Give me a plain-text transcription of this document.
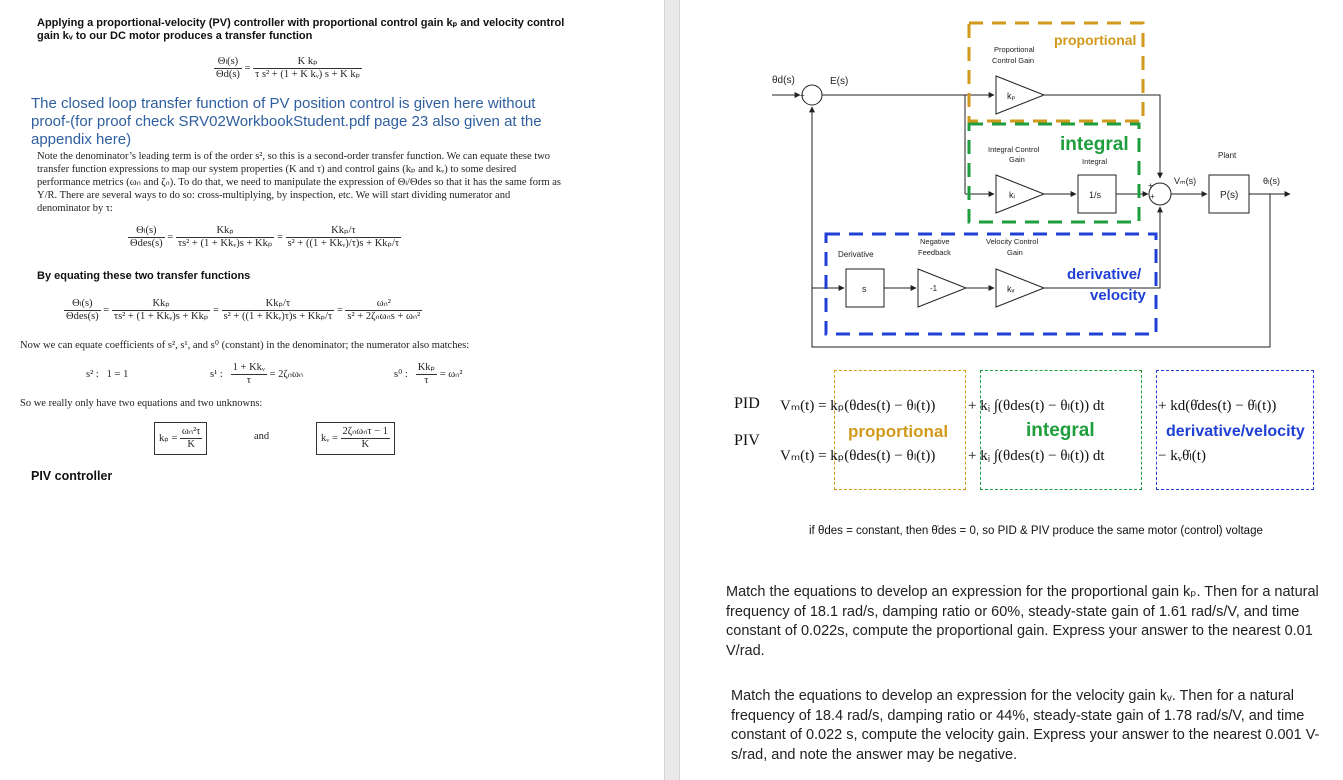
Applying a proportional-velocity (PV) controller with proportional control gain kₚ and velocity control gain kᵥ to our DC motor produces a transfer function
$\frac{\text{Θₗ(s)}}{\Theta d(s)} = \frac{\text{K kₚ}}{\text{τ s² + (1 + K kᵥ) s + K kₚ}}$
The closed loop transfer function of PV position control is given here without proof-(for proof check SRV02WorkbookStudent.pdf page 23 also given at the appendix here)
Note the denominator’s leading term is of the order s², so this is a second-order transfer function. We can equate these two transfer function expressions to map our system properties (K and τ) and control gains (kₚ and kᵥ) to some desired performance metrics (ωₙ and ζₙ). To do that, we need to manipulate the expression of Θₗ/Θdes so that it has the same form as Y/R. There are several ways to do so: cross-multiplying, by inspection, etc. We will start dividing numerator and denominator by τ:
$\frac{\text{Θₗ(s)}}{\text{Θdes(s)}} = \frac{\text{Kkₚ}}{\text{τs² + (1 + Kkᵥ)s + Kkₚ}} = \frac{\text{Kkₚ/τ}}{\text{s² + ((1 + Kkᵥ)/τ)s + Kkₚ/τ}}$
By equating these two transfer functions
$\frac{\text{Θₗ(s)}}{\text{Θdes(s)}} = \frac{\text{Kkₚ}}{\text{τs² + (1 + Kkᵥ)s + Kkₚ}} = \frac{\text{Kkₚ/τ}}{\text{s² + ((1 + Kkᵥ)τ)s + Kkₚ/τ}} = \frac{\text{ωₙ²}}{\text{s² + 2ζₙωₙs + ωₙ²}}$
Now we can equate coefficients of s², s¹, and s⁰ (constant) in the denominator; the numerator also matches:
s² :   1 = 1	s¹ : $\frac{\text{1 + Kkᵥ}}{\tau} = 2\zeta_n\omega_n$	s⁰ : $\frac{\text{Kkₚ}}{\tau} = \omega_n^2$
So we really only have two equations and two unknowns:
$k_p = \frac{\text{ωₙ²τ}}{K}$	and	kᵥ = $\frac{\text{2ζₙωₙτ − 1}}{K}$
PIV controller
θd(s)	E(s)
+
-
Proportional
Control Gain
kₚ
proportional
Integral Control
Gain	Integral
integral
kᵢ	1/s
+
+
Plant
Vₘ(s)
P(s)
θₗ(s)
Derivative
s
Negative
Feedback
-1
Velocity Control
Gain
kᵥ
derivative/
velocity
PID
PIV
Vₘ(t) = kₚ(θdes(t) − θₗ(t)) + kᵢ ∫(θdes(t) − θₗ(t)) dt	+ kd(θ̇des(t) − θ̇ₗ(t))
proportional	integral	derivative/velocity
Vₘ(t) = kₚ(θdes(t) − θₗ(t)) + kᵢ ∫(θdes(t) − θₗ(t)) dt	− kᵥθ̇ₗ(t)
if θdes = constant, then θ̇des = 0, so PID & PIV produce the same motor (control) voltage
Match the equations to develop an expression for the proportional gain kₚ. Then for a natural frequency of 18.1 rad/s, damping ratio or 60%, steady-state gain of 1.61 rad/s/V, and time constant of 0.022s, compute the proportional gain. Express your answer to the nearest 0.01 V/rad.
Match the equations to develop an expression for the velocity gain kᵥ. Then for a natural frequency of 18.4 rad/s, damping ratio or 44%, steady-state gain of 1.78 rad/s/V, and time constant of 0.022 s, compute the velocity gain. Express your answer to the nearest 0.001 V-s/rad, and note the answer may be negative.
